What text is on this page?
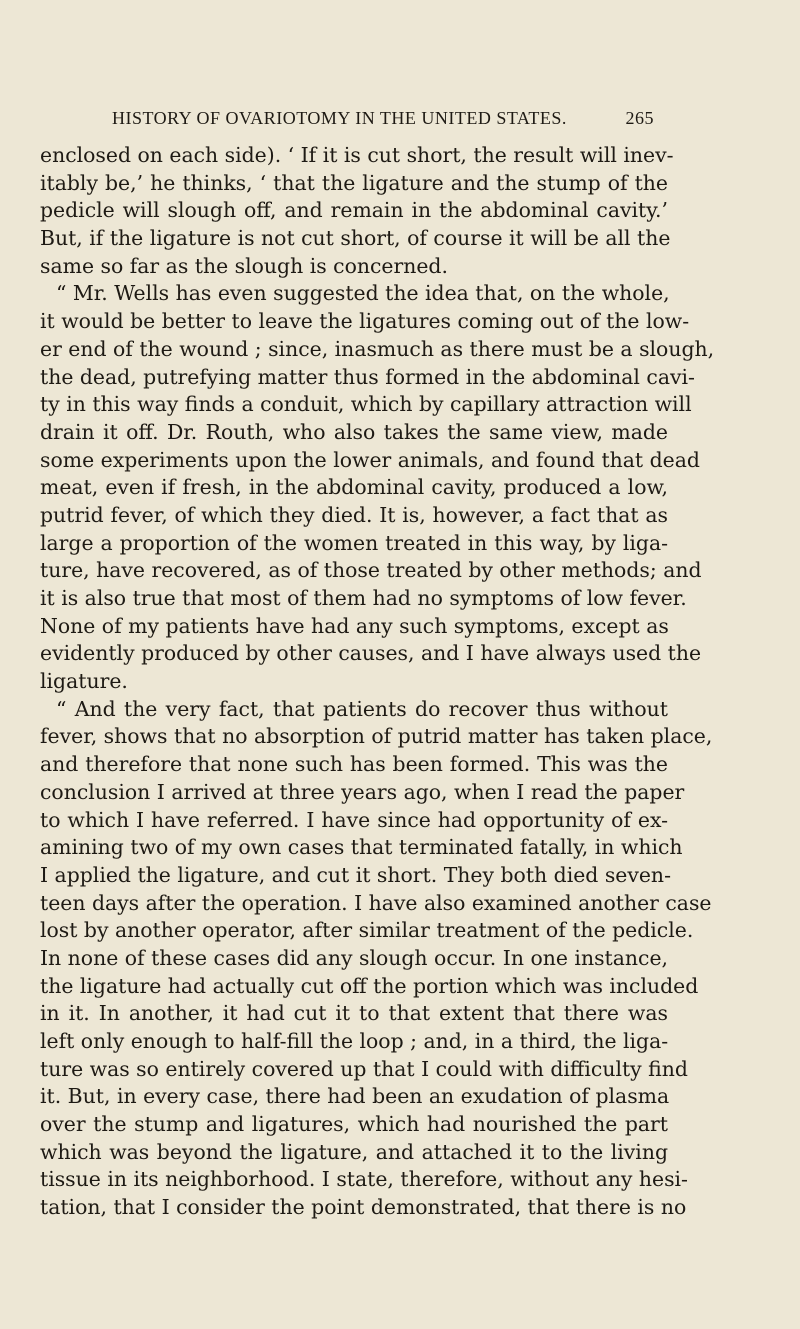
HISTORY OF OVARIOTOMY IN THE UNITED STATES.	265
enclosed on each side). ‘ If it is cut short, the result will inev-
itably be,’ he thinks, ‘ that the ligature and the stump of the
pedicle will slough off, and remain in the abdominal cavity.’
But, if the ligature is not cut short, of course it will be all the
same so far as the slough is concerned.
“ Mr. Wells has even suggested the idea that, on the whole,
it would be better to leave the ligatures coming out of the low-
er end of the wound ; since, inasmuch as there must be a slough,
the dead, putrefying matter thus formed in the abdominal cavi-
ty in this way finds a conduit, which by capillary attraction will
drain it off. Dr. Routh, who also takes the same view, made
some experiments upon the lower animals, and found that dead
meat, even if fresh, in the abdominal cavity, produced a low,
putrid fever, of which they died. It is, however, a fact that as
large a proportion of the women treated in this way, by liga-
ture, have recovered, as of those treated by other methods; and
it is also true that most of them had no symptoms of low fever.
None of my patients have had any such symptoms, except as
evidently produced by other causes, and I have always used the
ligature.
“ And the very fact, that patients do recover thus without
fever, shows that no absorption of putrid matter has taken place,
and therefore that none such has been formed. This was the
conclusion I arrived at three years ago, when I read the paper
to which I have referred. I have since had opportunity of ex-
amining two of my own cases that terminated fatally, in which
I applied the ligature, and cut it short. They both died seven-
teen days after the operation. I have also examined another case
lost by another operator, after similar treatment of the pedicle.
In none of these cases did any slough occur. In one instance,
the ligature had actually cut off the portion which was included
in it. In another, it had cut it to that extent that there was
left only enough to half-fill the loop ; and, in a third, the liga-
ture was so entirely covered up that I could with difficulty find
it. But, in every case, there had been an exudation of plasma
over the stump and ligatures, which had nourished the part
which was beyond the ligature, and attached it to the living
tissue in its neighborhood. I state, therefore, without any hesi-
tation, that I consider the point demonstrated, that there is no
